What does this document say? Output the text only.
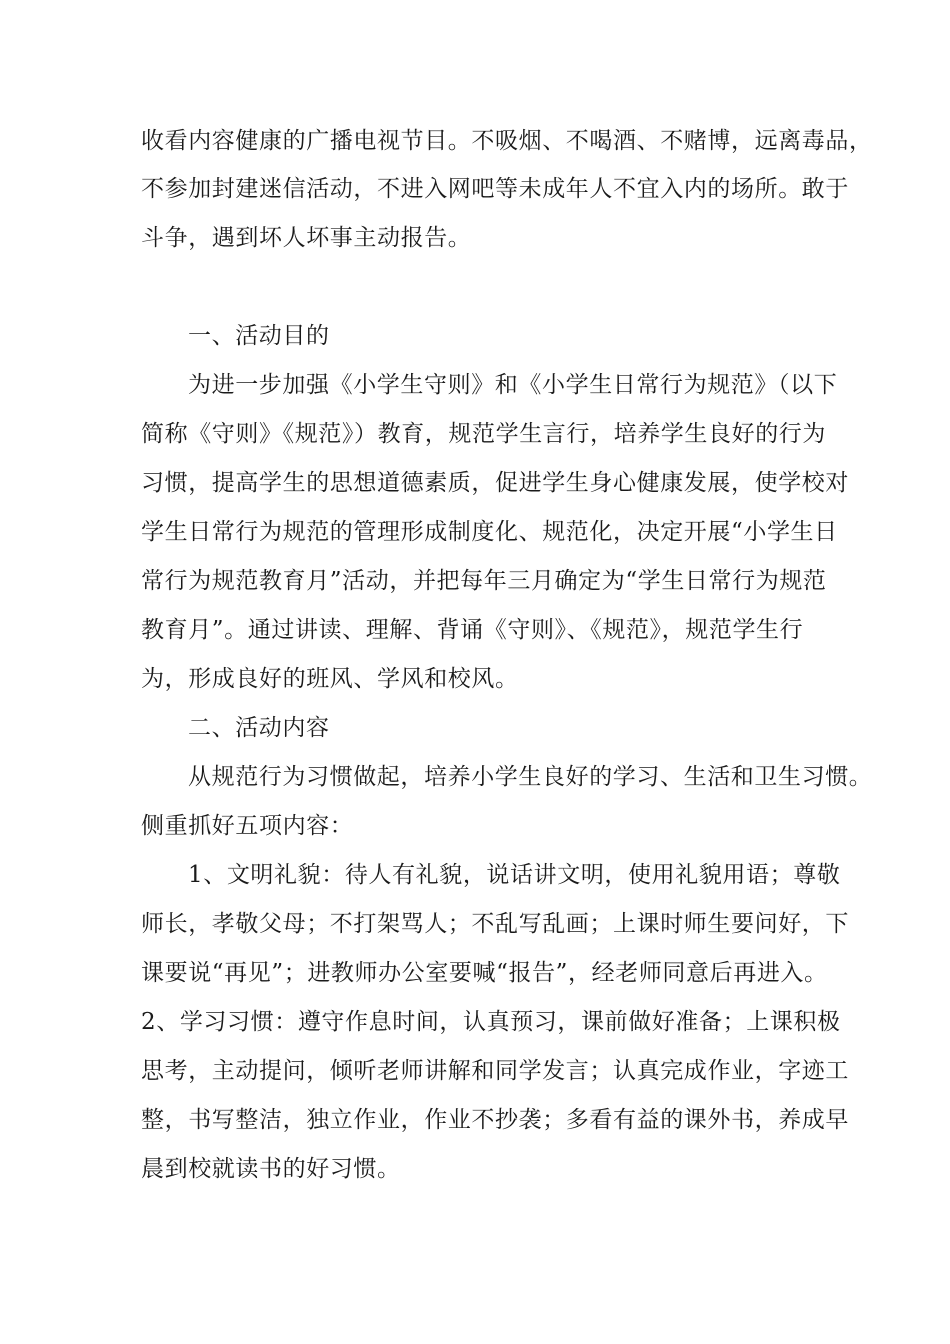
收看内容健康的广播电视节目。不吸烟、不喝酒、不赌博，远离毒品，
不参加封建迷信活动，不进入网吧等未成年人不宜入内的场所。敢于
斗争，遇到坏人坏事主动报告。
一、活动目的
为进一步加强《小学生守则》和《小学生日常行为规范》（以下
简称《守则》《规范》）教育，规范学生言行，培养学生良好的行为
习惯，提高学生的思想道德素质，促进学生身心健康发展，使学校对
学生日常行为规范的管理形成制度化、规范化，决定开展“小学生日
常行为规范教育月”活动，并把每年三月确定为“学生日常行为规范
教育月”。通过讲读、理解、背诵《守则》、《规范》，规范学生行
为，形成良好的班风、学风和校风。
二、活动内容
从规范行为习惯做起，培养小学生良好的学习、生活和卫生习惯。
侧重抓好五项内容：
1、文明礼貌：待人有礼貌，说话讲文明，使用礼貌用语；尊敬
师长，孝敬父母；不打架骂人；不乱写乱画；上课时师生要问好，下
课要说“再见”；进教师办公室要喊“报告”，经老师同意后再进入。
2、学习习惯：遵守作息时间，认真预习，课前做好准备；上课积极
思考，主动提问，倾听老师讲解和同学发言；认真完成作业，字迹工
整，书写整洁，独立作业，作业不抄袭；多看有益的课外书，养成早
晨到校就读书的好习惯。
